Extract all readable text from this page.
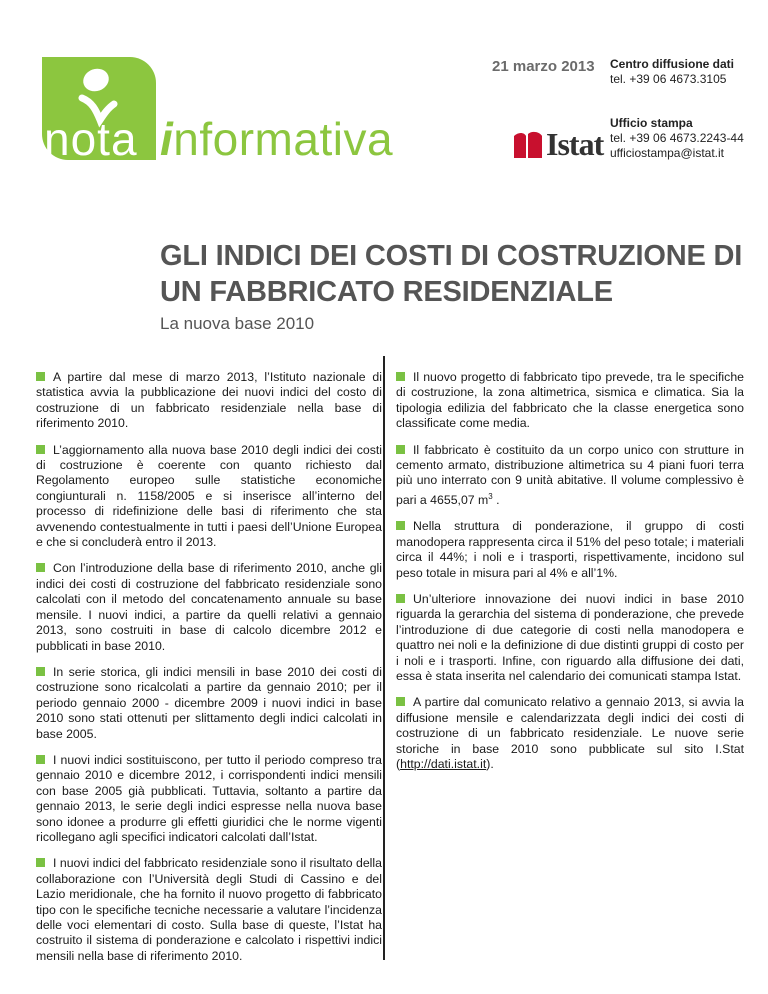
nota informativa
21 marzo 2013 Centro diffusione dati
tel. +39 06 4673.3105
Ufficio stampa
tel. +39 06 4673.2243-44
ufficiostampa@istat.it
Istat
GLI INDICI DEI COSTI DI COSTRUZIONE DI UN FABBRICATO RESIDENZIALE
La nuova base 2010

A partire dal mese di marzo 2013, l’Istituto nazionale di statistica avvia la pubblicazione dei nuovi indici del costo di costruzione di un fabbricato residenziale nella base di riferimento 2010.

L’aggiornamento alla nuova base 2010 degli indici dei costi di costruzione è coerente con quanto richiesto dal Regolamento europeo sulle statistiche economiche congiunturali n. 1158/2005 e si inserisce all’interno del processo di ridefinizione delle basi di riferimento che sta avvenendo contestualmente in tutti i paesi dell’Unione Europea e che si concluderà entro il 2013.

Con l’introduzione della base di riferimento 2010, anche gli indici dei costi di costruzione del fabbricato residenziale sono calcolati con il metodo del concatenamento annuale su base mensile. I nuovi indici, a partire da quelli relativi a gennaio 2013, sono costruiti in base di calcolo dicembre 2012 e pubblicati in base 2010.

In serie storica, gli indici mensili in base 2010 dei costi di costruzione sono ricalcolati a partire da gennaio 2010; per il periodo gennaio 2000 - dicembre 2009 i nuovi indici in base 2010 sono stati ottenuti per slittamento degli indici calcolati in base 2005.

I nuovi indici sostituiscono, per tutto il periodo compreso tra gennaio 2010 e dicembre 2012, i corrispondenti indici mensili con base 2005 già pubblicati. Tuttavia, soltanto a partire da gennaio 2013, le serie degli indici espresse nella nuova base sono idonee a produrre gli effetti giuridici che le norme vigenti ricollegano agli specifici indicatori calcolati dall’Istat.

I nuovi indici del fabbricato residenziale sono il risultato della collaborazione con l’Università degli Studi di Cassino e del Lazio meridionale, che ha fornito il nuovo progetto di fabbricato tipo con le specifiche tecniche necessarie a valutare l’incidenza delle voci elementari di costo. Sulla base di queste, l’Istat ha costruito il sistema di ponderazione e calcolato i rispettivi indici mensili nella base di riferimento 2010.

Il nuovo progetto di fabbricato tipo prevede, tra le specifiche di costruzione, la zona altimetrica, sismica e climatica. Sia la tipologia edilizia del fabbricato che la classe energetica sono classificate come media.

Il fabbricato è costituito da un corpo unico con strutture in cemento armato, distribuzione altimetrica su 4 piani fuori terra più uno interrato con 9 unità abitative. Il volume complessivo è pari a 4655,07 $m^3$ .

Nella struttura di ponderazione, il gruppo di costi manodopera rappresenta circa il 51% del peso totale; i materiali circa il 44%; i noli e i trasporti, rispettivamente, incidono sul peso totale in misura pari al 4% e all’1%.

Un’ulteriore innovazione dei nuovi indici in base 2010 riguarda la gerarchia del sistema di ponderazione, che prevede l’introduzione di due categorie di costi nella manodopera e quattro nei noli e la definizione di due distinti gruppi di costo per i noli e i trasporti. Infine, con riguardo alla diffusione dei dati, essa è stata inserita nel calendario dei comunicati stampa Istat.

A partire dal comunicato relativo a gennaio 2013, si avvia la diffusione mensile e calendarizzata degli indici dei costi di costruzione di un fabbricato residenziale. Le nuove serie storiche in base 2010 sono pubblicate sul sito I.Stat (http://dati.istat.it).
